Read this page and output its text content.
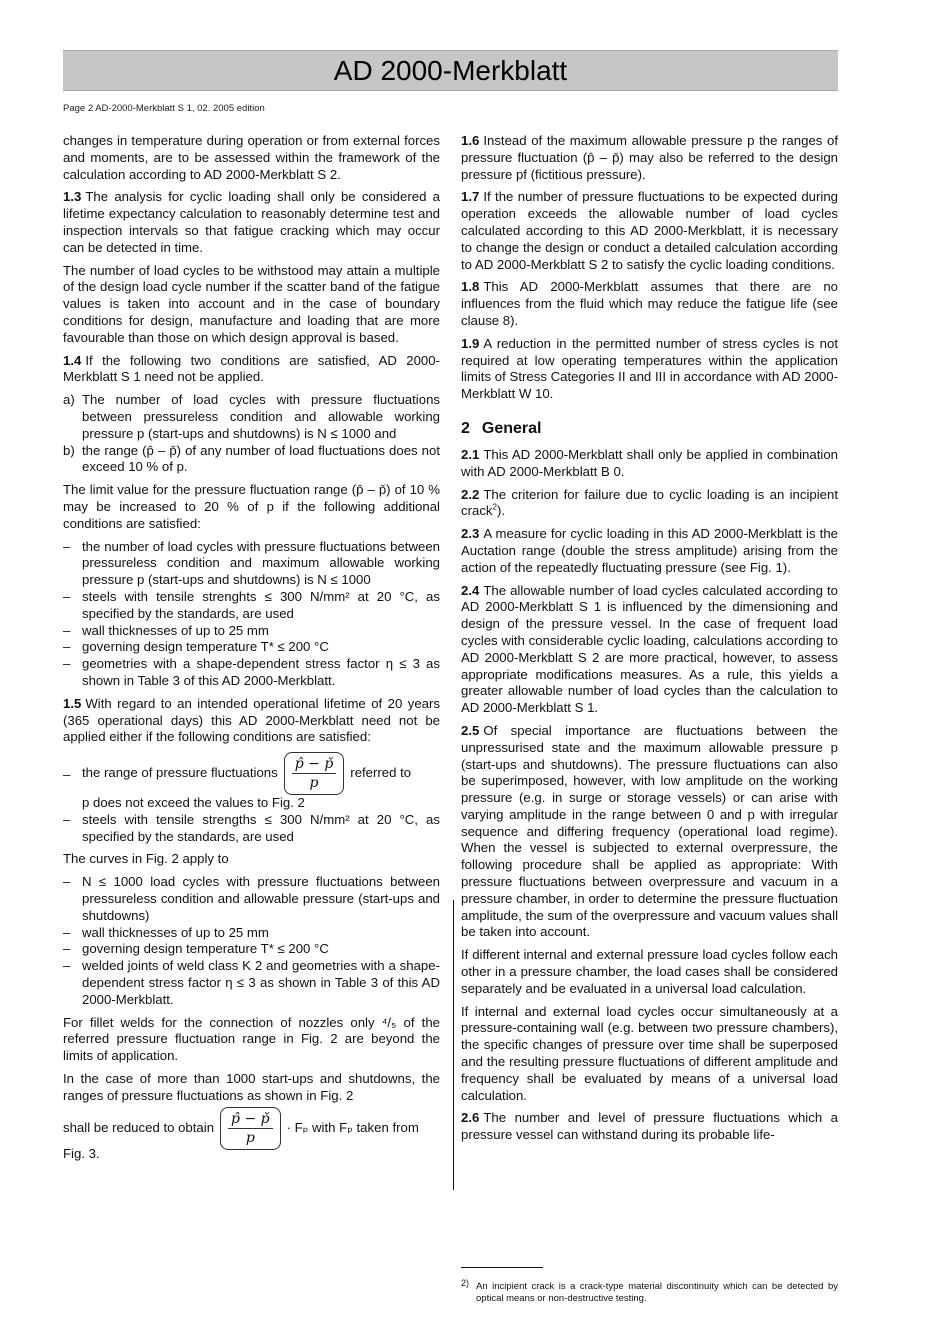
AD 2000-Merkblatt
Page 2 AD-2000-Merkblatt S 1, 02. 2005 edition

changes in temperature during operation or from external forces and moments, are to be assessed within the framework of the calculation according to AD 2000-Merkblatt S 2.

1.3 The analysis for cyclic loading shall only be considered a lifetime expectancy calculation to reasonably determine test and inspection intervals so that fatigue cracking which may occur can be detected in time.

The number of load cycles to be withstood may attain a multiple of the design load cycle number if the scatter band of the fatigue values is taken into account and in the case of boundary conditions for design, manufacture and loading that are more favourable than those on which design approval is based.

1.4 If the following two conditions are satisfied, AD 2000-Merkblatt S 1 need not be applied.

a) The number of load cycles with pressure fluctuations between pressureless condition and allowable working pressure p (start-ups and shutdowns) is N ≤ 1000 and
b) the range (p̂ – p̌) of any number of load fluctuations does not exceed 10 % of p.

The limit value for the pressure fluctuation range (p̂ – p̌) of 10 % may be increased to 20 % of p if the following additional conditions are satisfied:

– the number of load cycles with pressure fluctuations between pressureless condition and maximum allowable working pressure p (start-ups and shutdowns) is N ≤ 1000
– steels with tensile strenghts ≤ 300 N/mm² at 20 °C, as specified by the standards, are used
– wall thicknesses of up to 25 mm
– governing design temperature T* ≤ 200 °C
– geometries with a shape-dependent stress factor η ≤ 3 as shown in Table 3 of this AD 2000-Merkblatt.

1.5 With regard to an intended operational lifetime of 20 years (365 operational days) this AD 2000-Merkblatt need not be applied either if the following conditions are satisfied:

– the range of pressure fluctuations $\frac{p̂ - p̌}{p}$ referred to
p does not exceed the values to Fig. 2
– steels with tensile strengths ≤ 300 N/mm² at 20 °C, as specified by the standards, are used

The curves in Fig. 2 apply to

– N ≤ 1000 load cycles with pressure fluctuations between pressureless condition and allowable pressure (start-ups and shutdowns)
– wall thicknesses of up to 25 mm
– governing design temperature T* ≤ 200 °C
– welded joints of weld class K 2 and geometries with a shape-dependent stress factor η ≤ 3 as shown in Table 3 of this AD 2000-Merkblatt.

For fillet welds for the connection of nozzles only ⁴/₅ of the referred pressure fluctuation range in Fig. 2 are beyond the limits of application.

In the case of more than 1000 start-ups and shutdowns, the ranges of pressure fluctuations as shown in Fig. 2

shall be reduced to obtain $\frac{p̂ - p̌}{p} \cdot F_p$ with Fₚ taken from
Fig. 3.

1.6 Instead of the maximum allowable pressure p the ranges of pressure fluctuation (p̂ – p̌) may also be referred to the design pressure pf (fictitious pressure).

1.7 If the number of pressure fluctuations to be expected during operation exceeds the allowable number of load cycles calculated according to this AD 2000-Merkblatt, it is necessary to change the design or conduct a detailed calculation according to AD 2000-Merkblatt S 2 to satisfy the cyclic loading conditions.

1.8 This AD 2000-Merkblatt assumes that there are no influences from the fluid which may reduce the fatigue life (see clause 8).

1.9 A reduction in the permitted number of stress cycles is not required at low operating temperatures within the application limits of Stress Categories II and III in accordance with AD 2000-Merkblatt W 10.

2 General

2.1 This AD 2000-Merkblatt shall only be applied in combination with AD 2000-Merkblatt B 0.

2.2 The criterion for failure due to cyclic loading is an incipient crack$^2$).

2.3 A measure for cyclic loading in this AD 2000-Merkblatt is the Auctation range (double the stress amplitude) arising from the action of the repeatedly fluctuating pressure (see Fig. 1).

2.4 The allowable number of load cycles calculated according to AD 2000-Merkblatt S 1 is influenced by the dimensioning and design of the pressure vessel. In the case of frequent load cycles with considerable cyclic loading, calculations according to AD 2000-Merkblatt S 2 are more practical, however, to assess appropriate modifications measures. As a rule, this yields a greater allowable number of load cycles than the calculation to AD 2000-Merkblatt S 1.

2.5 Of special importance are fluctuations between the unpressurised state and the maximum allowable pressure p (start-ups and shutdowns). The pressure fluctuations can also be superimposed, however, with low amplitude on the working pressure (e.g. in surge or storage vessels) or can arise with varying amplitude in the range between 0 and p with irregular sequence and differing frequency (operational load regime). When the vessel is subjected to external overpressure, the following procedure shall be applied as appropriate: With pressure fluctuations between overpressure and vacuum in a pressure chamber, in order to determine the pressure fluctuation amplitude, the sum of the overpressure and vacuum values shall be taken into account.

If different internal and external pressure load cycles follow each other in a pressure chamber, the load cases shall be considered separately and be evaluated in a universal load calculation.

If internal and external load cycles occur simultaneously at a pressure-containing wall (e.g. between two pressure chambers), the specific changes of pressure over time shall be superposed and the resulting pressure fluctuations of different amplitude and frequency shall be evaluated by means of a universal load calculation.

2.6 The number and level of pressure fluctuations which a pressure vessel can withstand during its probable life-

2) An incipient crack is a crack-type material discontinuity which can be detected by optical means or non-destructive testing.
